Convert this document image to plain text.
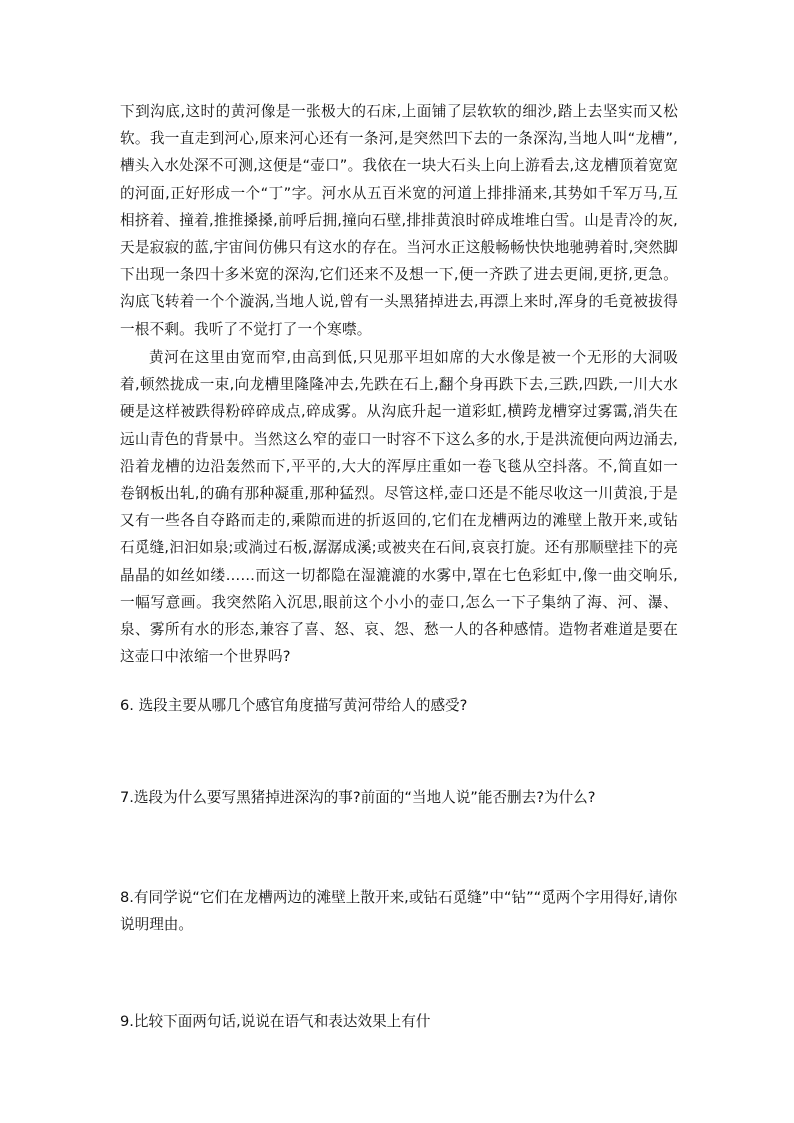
下到沟底,这时的黄河像是一张极大的石床,上面铺了层软软的细沙,踏上去坚实而又松软。我一直走到河心,原来河心还有一条河,是突然凹下去的一条深沟,当地人叫“龙槽”,槽头入水处深不可测,这便是“壶口”。我依在一块大石头上向上游看去,这龙槽顶着宽宽的河面,正好形成一个“丁”字。河水从五百米宽的河道上排排涌来,其势如千军万马,互相挤着、撞着,推推搡搡,前呼后拥,撞向石壁,排排黄浪时碎成堆堆白雪。山是青冷的灰,天是寂寂的蓝,宇宙间仿佛只有这水的存在。当河水正这般畅畅快快地驰骋着时,突然脚下出现一条四十多米宽的深沟,它们还来不及想一下,便一齐跌了进去更闹,更挤,更急。沟底飞转着一个个漩涡,当地人说,曾有一头黑猪掉进去,再漂上来时,浑身的毛竟被拔得一根不剩。我听了不觉打了一个寒噤。

黄河在这里由宽而窄,由高到低,只见那平坦如席的大水像是被一个无形的大洞吸着,顿然拢成一束,向龙槽里隆隆冲去,先跌在石上,翻个身再跌下去,三跌,四跌,一川大水硬是这样被跌得粉碎碎成点,碎成雾。从沟底升起一道彩虹,横跨龙槽穿过雾霭,消失在远山青色的背景中。当然这么窄的壶口一时容不下这么多的水,于是洪流便向两边涌去,沿着龙槽的边沿轰然而下,平平的,大大的浑厚庄重如一卷飞毯从空抖落。不,简直如一卷钢板出轧,的确有那种凝重,那种猛烈。尽管这样,壶口还是不能尽收这一川黄浪,于是又有一些各自夺路而走的,乘隙而进的折返回的,它们在龙槽两边的滩壁上散开来,或钻石觅缝,汩汩如泉;或淌过石板,潺潺成溪;或被夹在石间,哀哀打旋。还有那顺壁挂下的亮晶晶的如丝如缕……而这一切都隐在湿漉漉的水雾中,罩在七色彩虹中,像一曲交响乐,一幅写意画。我突然陷入沉思,眼前这个小小的壶口,怎么一下子集纳了海、河、瀑、泉、雾所有水的形态,兼容了喜、怒、哀、怨、愁一人的各种感情。造物者难道是要在这壶口中浓缩一个世界吗?

6. 选段主要从哪几个感官角度描写黄河带给人的感受?

7.选段为什么要写黑猪掉进深沟的事?前面的“当地人说”能否删去?为什么?

8.有同学说“它们在龙槽两边的滩壁上散开来,或钻石觅缝”中“钻”“觅两个字用得好,请你说明理由。

9.比较下面两句话,说说在语气和表达效果上有什
